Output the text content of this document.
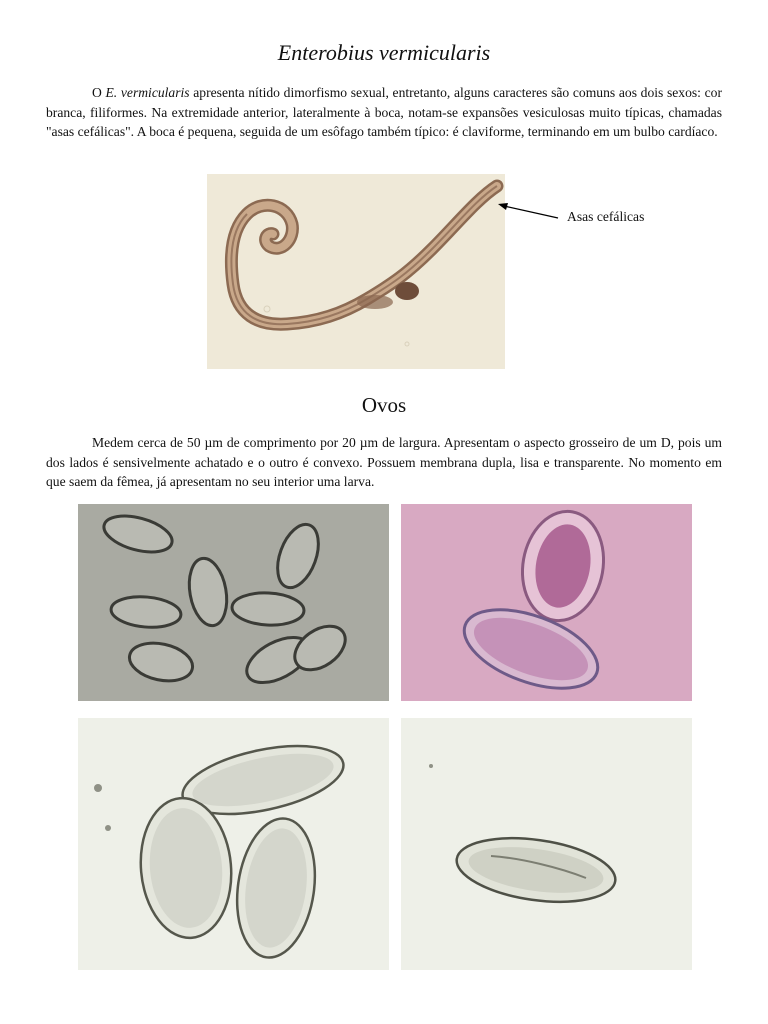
Enterobius vermicularis

O E. vermicularis apresenta nítido dimorfismo sexual, entretanto, alguns caracteres são comuns aos dois sexos: cor branca, filiformes. Na extremidade anterior, lateralmente à boca, notam-se expansões vesiculosas muito típicas, chamadas "asas cefálicas". A boca é pequena, seguida de um esôfago também típico: é claviforme, terminando em um bulbo cardíaco.

Asas cefálicas
Ovos

Medem cerca de 50 µm de comprimento por 20 µm de largura. Apresentam o aspecto grosseiro de um D, pois um dos lados é sensivelmente achatado e o outro é convexo. Possuem membrana dupla, lisa e transparente. No momento em que saem da fêmea, já apresentam no seu interior uma larva.
